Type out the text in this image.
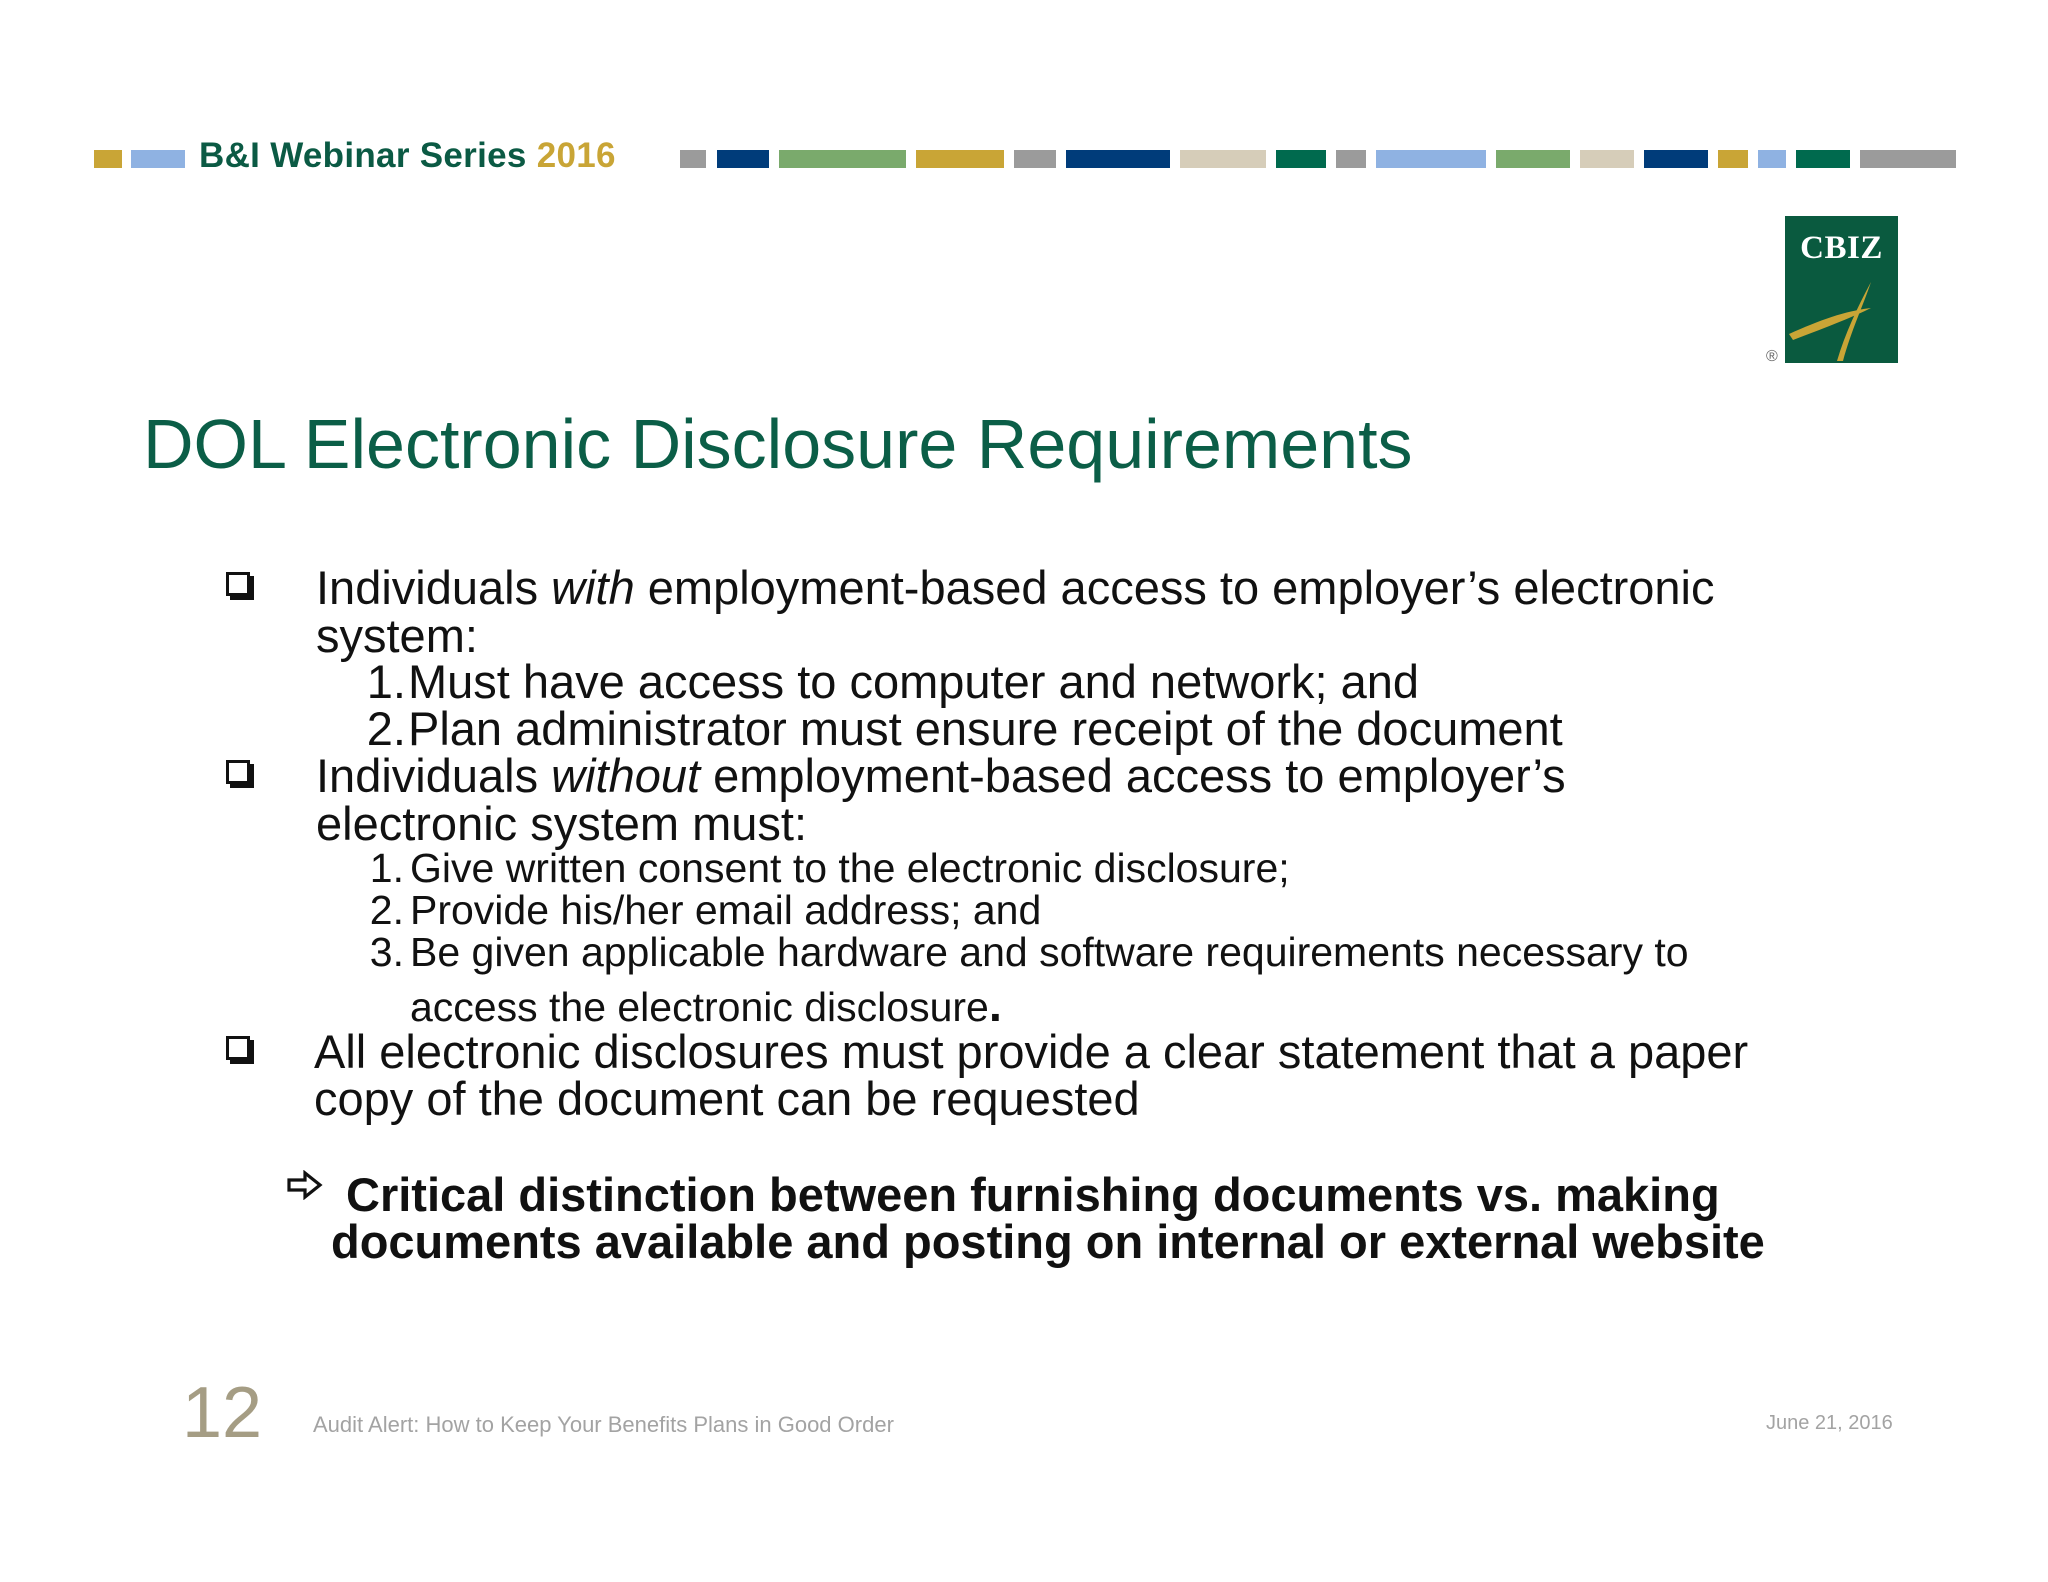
B&I Webinar Series 2016
CBIZ
®
DOL Electronic Disclosure Requirements
Individuals with employment-based access to employer’s electronic
system:
1. Must have access to computer and network; and
2. Plan administrator must ensure receipt of the document
Individuals without employment-based access to employer’s
electronic system must:
1. Give written consent to the electronic disclosure;
2. Provide his/her email address; and
3. Be given applicable hardware and software requirements necessary to
access the electronic disclosure.
All electronic disclosures must provide a clear statement that a paper
copy of the document can be requested
Critical distinction between furnishing documents vs. making
documents available and posting on internal or external website
12 Audit Alert: How to Keep Your Benefits Plans in Good Order	June 21, 2016
